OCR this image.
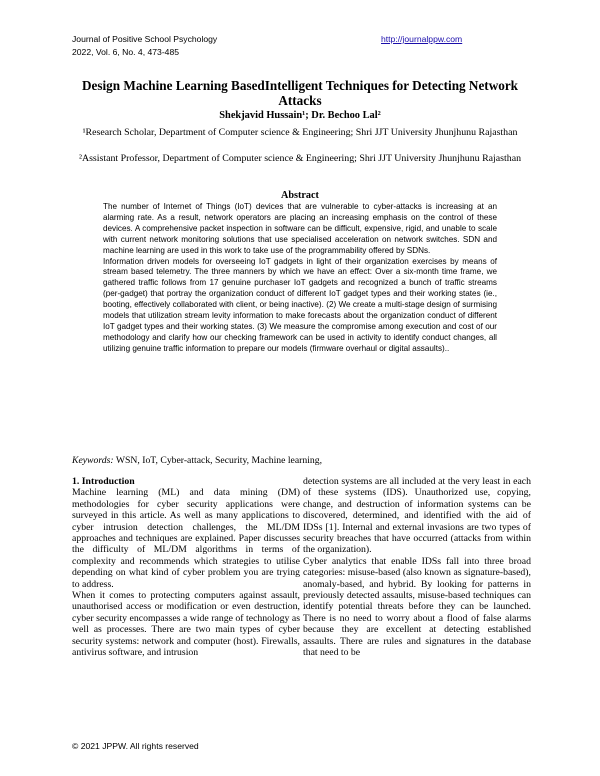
Journal of Positive School Psychology
2022, Vol. 6, No. 4, 473-485
http://journalppw.com
Design Machine Learning BasedIntelligent Techniques for Detecting Network Attacks
Shekjavid Hussain¹; Dr. Bechoo Lal²
¹Research Scholar, Department of Computer science & Engineering; Shri JJT University Jhunjhunu Rajasthan
²Assistant Professor, Department of Computer science & Engineering; Shri JJT University Jhunjhunu Rajasthan
Abstract

The number of Internet of Things (IoT) devices that are vulnerable to cyber-attacks is increasing at an alarming rate. As a result, network operators are placing an increasing emphasis on the control of these devices. A comprehensive packet inspection in software can be difficult, expensive, rigid, and unable to scale with current network monitoring solutions that use specialised acceleration on network switches. SDN and machine learning are used in this work to take use of the programmability offered by SDNs.

Information driven models for overseeing IoT gadgets in light of their organization exercises by means of stream based telemetry. The three manners by which we have an effect: Over a six-month time frame, we gathered traffic follows from 17 genuine purchaser IoT gadgets and recognized a bunch of traffic streams (per-gadget) that portray the organization conduct of different IoT gadget types and their working states (ie., booting, effectively collaborated with client, or being inactive). (2) We create a multi-stage design of surmising models that utilization stream levity information to make forecasts about the organization conduct of different IoT gadget types and their working states. (3) We measure the compromise among execution and cost of our methodology and clarify how our checking framework can be used in activity to identify conduct changes, all utilizing genuine traffic information to prepare our models (firmware overhaul or digital assaults)..

Keywords: WSN, IoT, Cyber-attack, Security, Machine learning,

1. Introduction

Machine learning (ML) and data mining (DM) methodologies for cyber security applications were surveyed in this article. As well as many applications to cyber intrusion detection challenges, the ML/DM approaches and techniques are explained. Paper discusses the difficulty of ML/DM algorithms in terms of complexity and recommends which strategies to utilise depending on what kind of cyber problem you are trying to address.

When it comes to protecting computers against assault, unauthorised access or modification or even destruction, cyber security encompasses a wide range of technology as well as processes. There are two main types of cyber security systems: network and computer (host). Firewalls, antivirus software, and intrusion

detection systems are all included at the very least in each of these systems (IDS). Unauthorized use, copying, change, and destruction of information systems can be discovered, determined, and identified with the aid of IDSs [1]. Internal and external invasions are two types of security breaches that have occurred (attacks from within the organization).

Cyber analytics that enable IDSs fall into three broad categories: misuse-based (also known as signature-based), anomaly-based, and hybrid. By looking for patterns in previously detected assaults, misuse-based techniques can identify potential threats before they can be launched. There is no need to worry about a flood of false alarms because they are excellent at detecting established assaults. There are rules and signatures in the database that need to be

© 2021 JPPW. All rights reserved
